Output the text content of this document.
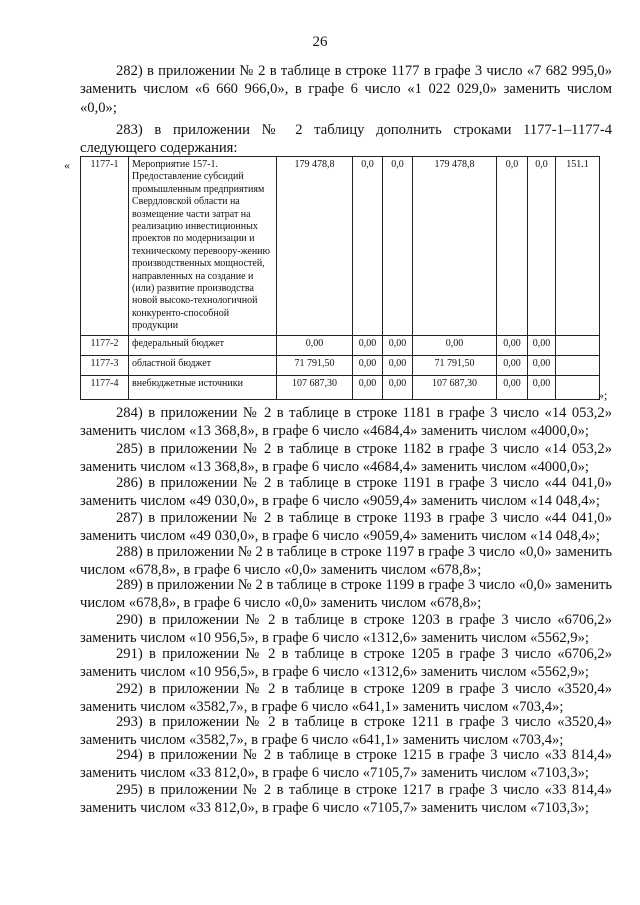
26

282) в приложении № 2 в таблице в строке 1177 в графе 3 число «7 682 995,0» заменить числом «6 660 966,0», в графе 6 число «1 022 029,0» заменить числом «0,0»;

283) в приложении № 2 таблицу дополнить строками 1177-1–1177-4 следующего содержания:

« 1177-1	Мероприятие 157-1. Предоставление субсидий промышленным предприятиям Свердловской области на возмещение части затрат на реализацию инвестиционных проектов по модернизации и техническому перевоору-жению производственных мощностей, направленных на создание и (или) развитие производства новой высоко-технологичной конкуренто-способной продукции	179 478,8	0,0	0,0	179 478,8	0,0	0,0	151.1
1177-2	федеральный бюджет	0,00	0,00	0,00	0,00	0,00	0,00	
1177-3	областной бюджет	71 791,50	0,00	0,00	71 791,50	0,00	0,00	
1177-4	внебюджетные источники	107 687,30	0,00	0,00	107 687,30	0,00	0,00	
»;

284) в приложении № 2 в таблице в строке 1181 в графе 3 число «14 053,2» заменить числом «13 368,8», в графе 6 число «4684,4» заменить числом «4000,0»;

285) в приложении № 2 в таблице в строке 1182 в графе 3 число «14 053,2» заменить числом «13 368,8», в графе 6 число «4684,4» заменить числом «4000,0»;

286) в приложении № 2 в таблице в строке 1191 в графе 3 число «44 041,0» заменить числом «49 030,0», в графе 6 число «9059,4» заменить числом «14 048,4»;

287) в приложении № 2 в таблице в строке 1193 в графе 3 число «44 041,0» заменить числом «49 030,0», в графе 6 число «9059,4» заменить числом «14 048,4»;

288) в приложении № 2 в таблице в строке 1197 в графе 3 число «0,0» заменить числом «678,8», в графе 6 число «0,0» заменить числом «678,8»;

289) в приложении № 2 в таблице в строке 1199 в графе 3 число «0,0» заменить числом «678,8», в графе 6 число «0,0» заменить числом «678,8»;

290) в приложении № 2 в таблице в строке 1203 в графе 3 число «6706,2» заменить числом «10 956,5», в графе 6 число «1312,6» заменить числом «5562,9»;

291) в приложении № 2 в таблице в строке 1205 в графе 3 число «6706,2» заменить числом «10 956,5», в графе 6 число «1312,6» заменить числом «5562,9»;

292) в приложении № 2 в таблице в строке 1209 в графе 3 число «3520,4» заменить числом «3582,7», в графе 6 число «641,1» заменить числом «703,4»;

293) в приложении № 2 в таблице в строке 1211 в графе 3 число «3520,4» заменить числом «3582,7», в графе 6 число «641,1» заменить числом «703,4»;

294) в приложении № 2 в таблице в строке 1215 в графе 3 число «33 814,4» заменить числом «33 812,0», в графе 6 число «7105,7» заменить числом «7103,3»;

295) в приложении № 2 в таблице в строке 1217 в графе 3 число «33 814,4» заменить числом «33 812,0», в графе 6 число «7105,7» заменить числом «7103,3»;
